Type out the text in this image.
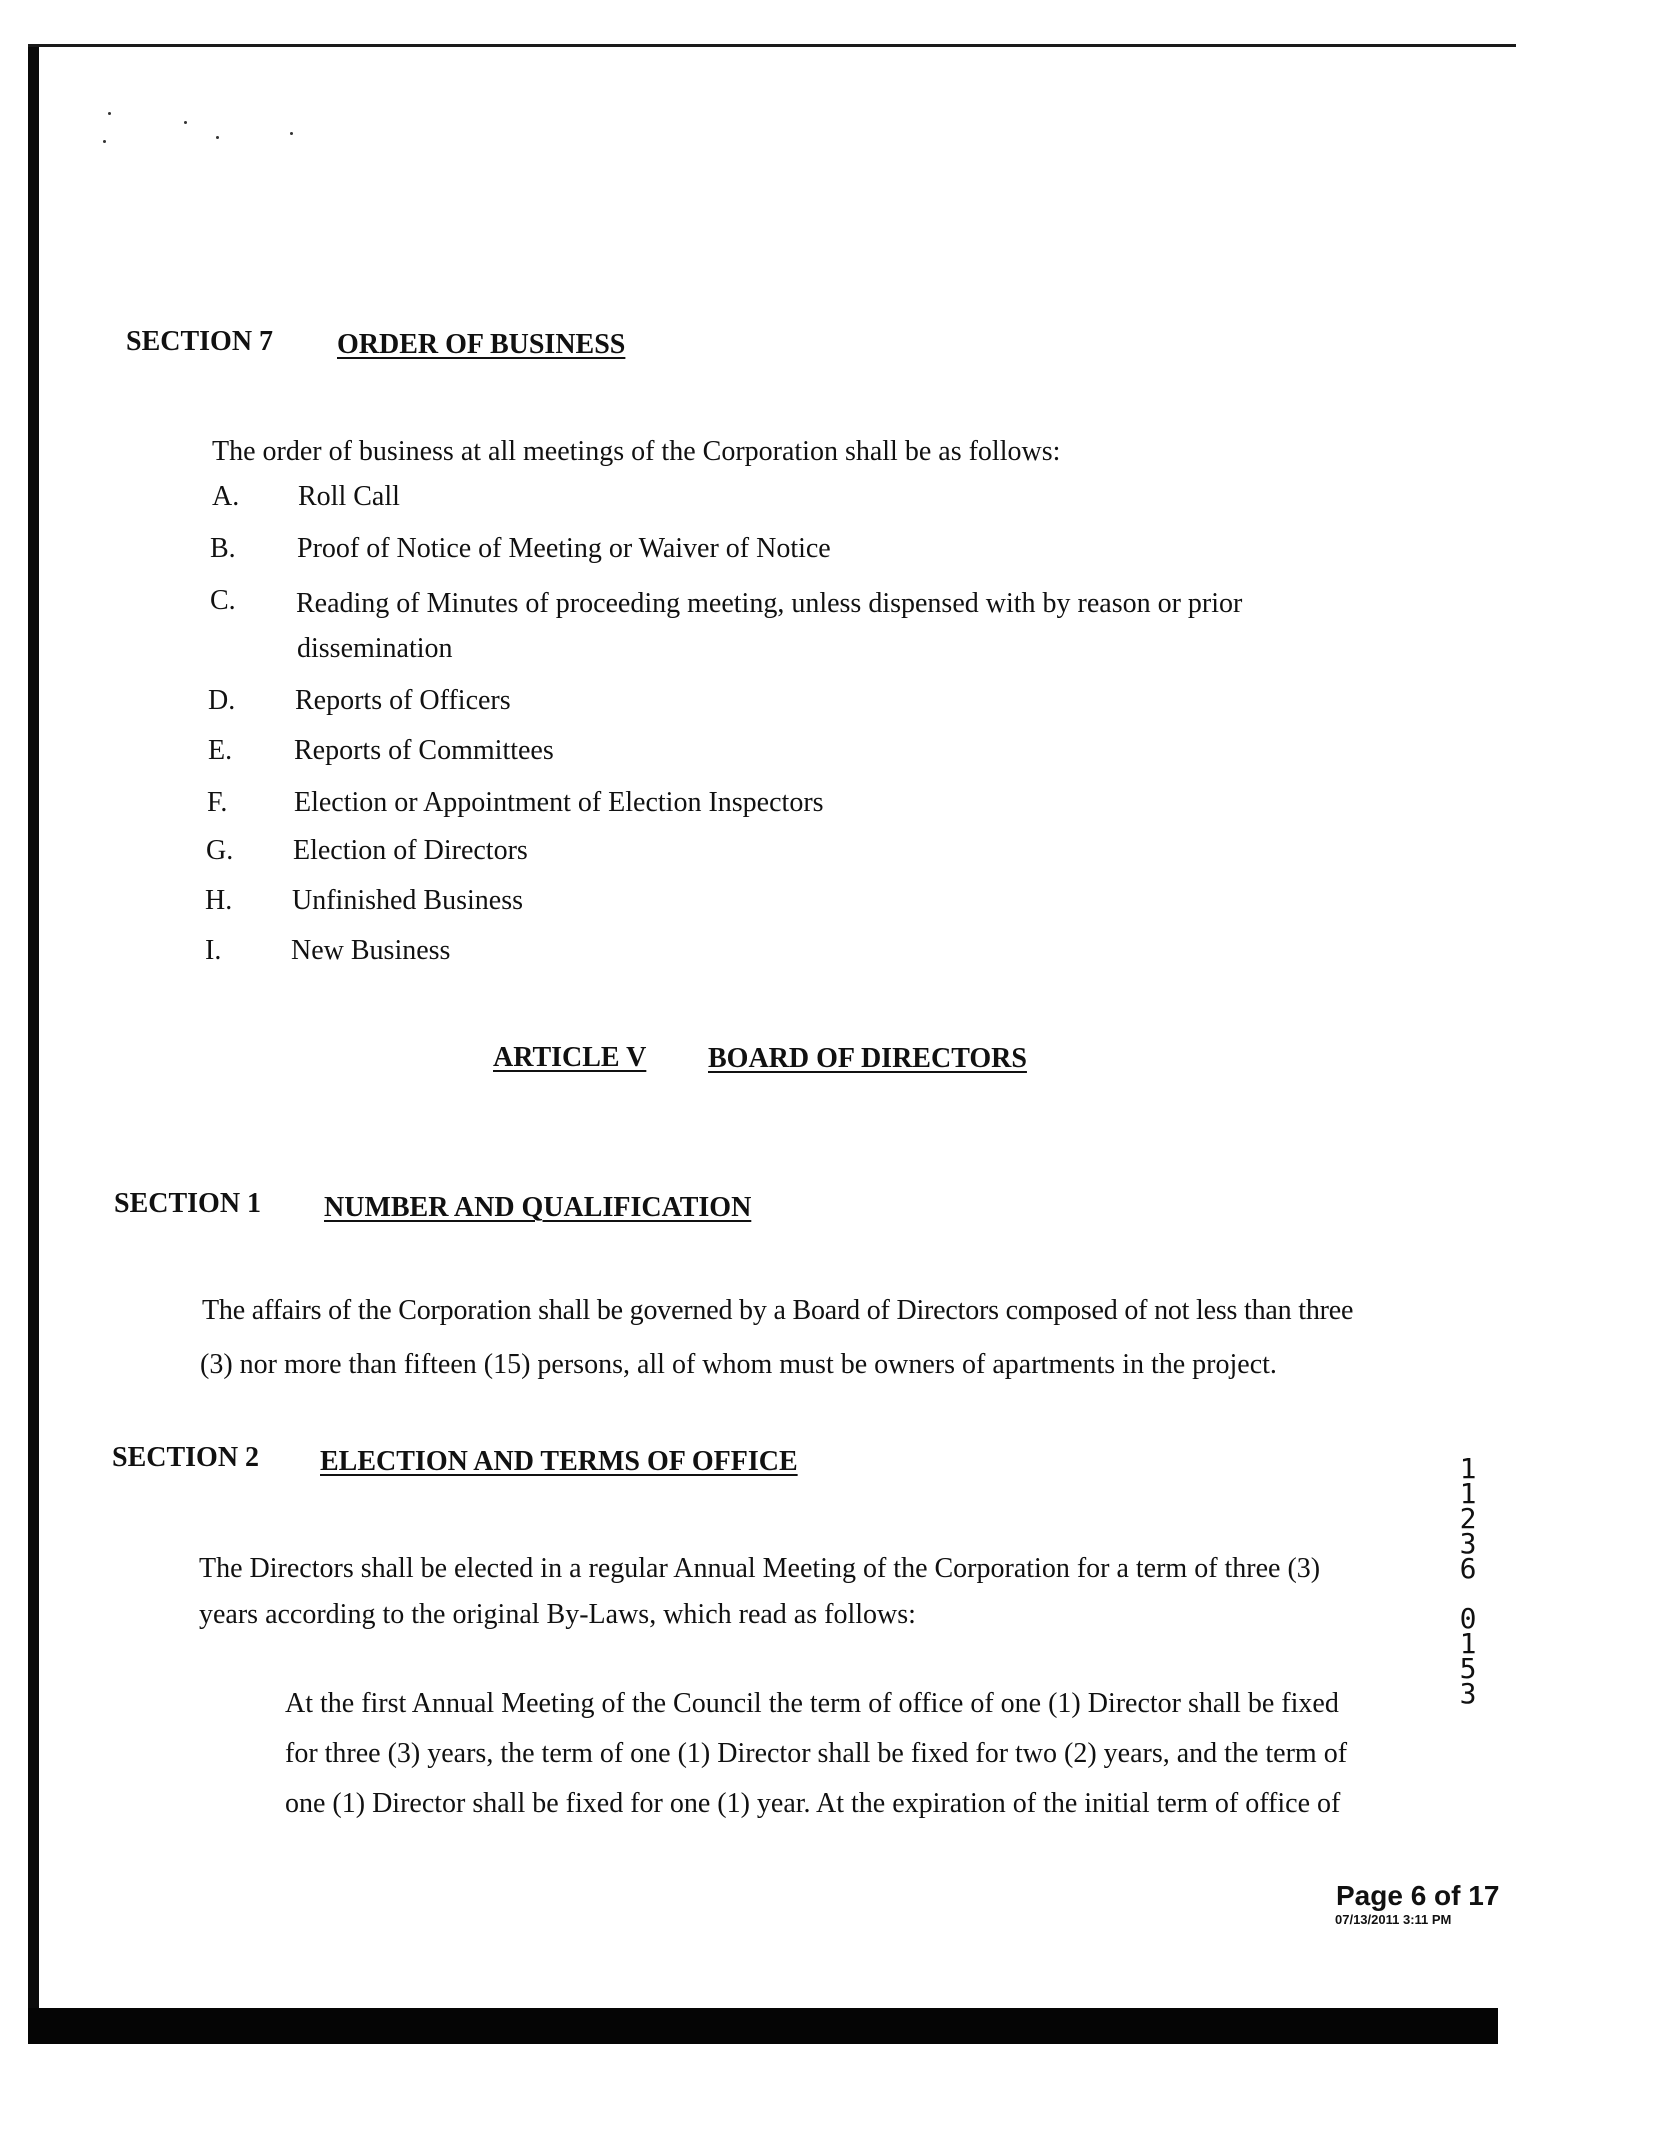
SECTION 7 ORDER OF BUSINESS
The order of business at all meetings of the Corporation shall be as follows:
A. Roll Call
B. Proof of Notice of Meeting or Waiver of Notice
C. Reading of Minutes of proceeding meeting, unless dispensed with by reason or prior
dissemination
D. Reports of Officers
E. Reports of Committees
F. Election or Appointment of Election Inspectors
G. Election of Directors
H. Unfinished Business
I. New Business
ARTICLE V BOARD OF DIRECTORS
SECTION 1 NUMBER AND QUALIFICATION
The affairs of the Corporation shall be governed by a Board of Directors composed of not less than three
(3) nor more than fifteen (15) persons, all of whom must be owners of apartments in the project.
SECTION 2 ELECTION AND TERMS OF OFFICE
The Directors shall be elected in a regular Annual Meeting of the Corporation for a term of three (3)
years according to the original By-Laws, which read as follows:
At the first Annual Meeting of the Council the term of office of one (1) Director shall be fixed
for three (3) years, the term of one (1) Director shall be fixed for two (2) years, and the term of
one (1) Director shall be fixed for one (1) year. At the expiration of the initial term of office of
1
1
2
3
6
0
1
5
3
Page 6 of 17
07/13/2011 3:11 PM
